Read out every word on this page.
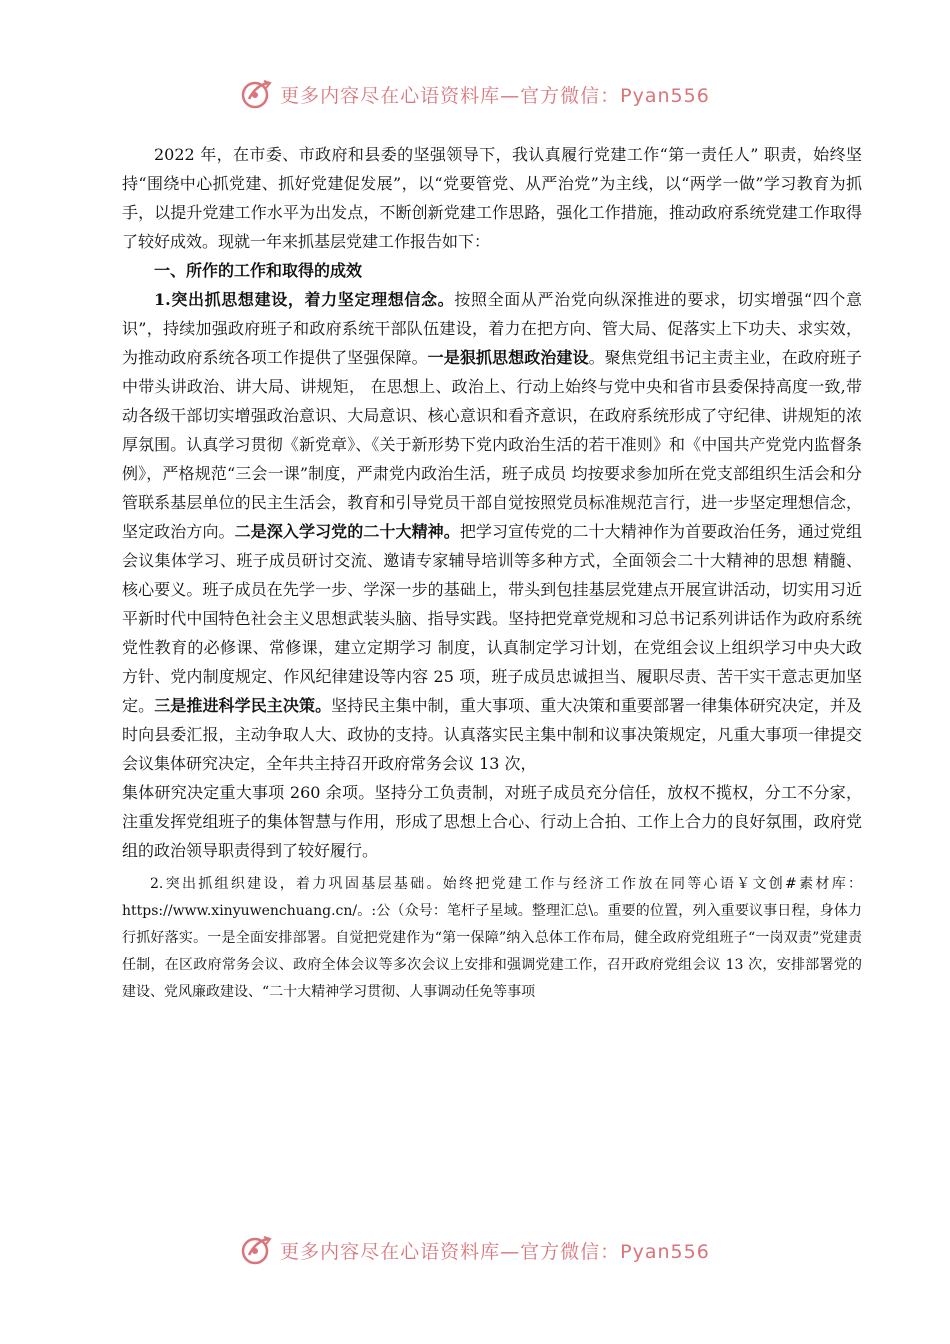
更多内容尽在心语资料库—官方微信：Pyan556

2022 年，在市委、市政府和县委的坚强领导下，我认真履行党建工作“第一责任人” 职责，始终坚持“围绕中心抓党建、抓好党建促发展”，以“党要管党、从严治党”为主线，以“两学一做”学习教育为抓手，以提升党建工作水平为出发点，不断创新党建工作思路，强化工作措施，推动政府系统党建工作取得了较好成效。现就一年来抓基层党建工作报告如下：

一、所作的工作和取得的成效

1.突出抓思想建设，着力坚定理想信念。按照全面从严治党向纵深推进的要求，切实增强“四个意识”，持续加强政府班子和政府系统干部队伍建设，着力在把方向、管大局、促落实上下功夫、求实效，为推动政府系统各项工作提供了坚强保障。一是狠抓思想政治建设。聚焦党组书记主责主业，在政府班子中带头讲政治、讲大局、讲规矩， 在思想上、政治上、行动上始终与党中央和省市县委保持高度一致,带动各级干部切实增强政治意识、大局意识、核心意识和看齐意识，在政府系统形成了守纪律、讲规矩的浓厚氛围。认真学习贯彻《新党章》、《关于新形势下党内政治生活的若干准则》和《中国共产党党内监督条例》，严格规范“三会一课”制度，严肃党内政治生活，班子成员 均按要求参加所在党支部组织生活会和分管联系基层单位的民主生活会，教育和引导党员干部自觉按照党员标准规范言行，进一步坚定理想信念，坚定政治方向。二是深入学习党的二十大精神。把学习宣传党的二十大精神作为首要政治任务，通过党组会议集体学习、班子成员研讨交流、邀请专家辅导培训等多种方式，全面领会二十大精神的思想 精髓、核心要义。班子成员在先学一步、学深一步的基础上，带头到包挂基层党建点开展宣讲活动，切实用习近平新时代中国特色社会主义思想武装头脑、指导实践。坚持把党章党规和习总书记系列讲话作为政府系统党性教育的必修课、常修课，建立定期学习 制度，认真制定学习计划，在党组会议上组织学习中央大政方针、党内制度规定、作风纪律建设等内容 25 项，班子成员忠诚担当、履职尽责、苦干实干意志更加坚定。三是推进科学民主决策。坚持民主集中制，重大事项、重大决策和重要部署一律集体研究决定，并及时向县委汇报，主动争取人大、政协的支持。认真落实民主集中制和议事决策规定，凡重大事项一律提交会议集体研究决定，全年共主持召开政府常务会议 13 次，

集体研究决定重大事项 260 余项。坚持分工负责制，对班子成员充分信任，放权不揽权，分工不分家，注重发挥党组班子的集体智慧与作用，形成了思想上合心、行动上合拍、工作上合力的良好氛围，政府党组的政治领导职责得到了较好履行。

2.突出抓组织建设，着力巩固基层基础。始终把党建工作与经济工作放在同等心语￥文创#素材库：https://www.xinyuwenchuang.cn/。:公（众号：笔杆子星域。整理汇总\。重要的位置，列入重要议事日程，身体力行抓好落实。一是全面安排部署。自觉把党建作为“第一保障”纳入总体工作布局，健全政府党组班子“一岗双责”党建责任制，在区政府常务会议、政府全体会议等多次会议上安排和强调党建工作，召开政府党组会议 13 次，安排部署党的建设、党风廉政建设、“二十大精神学习贯彻、人事调动任免等事项

更多内容尽在心语资料库—官方微信：Pyan556
